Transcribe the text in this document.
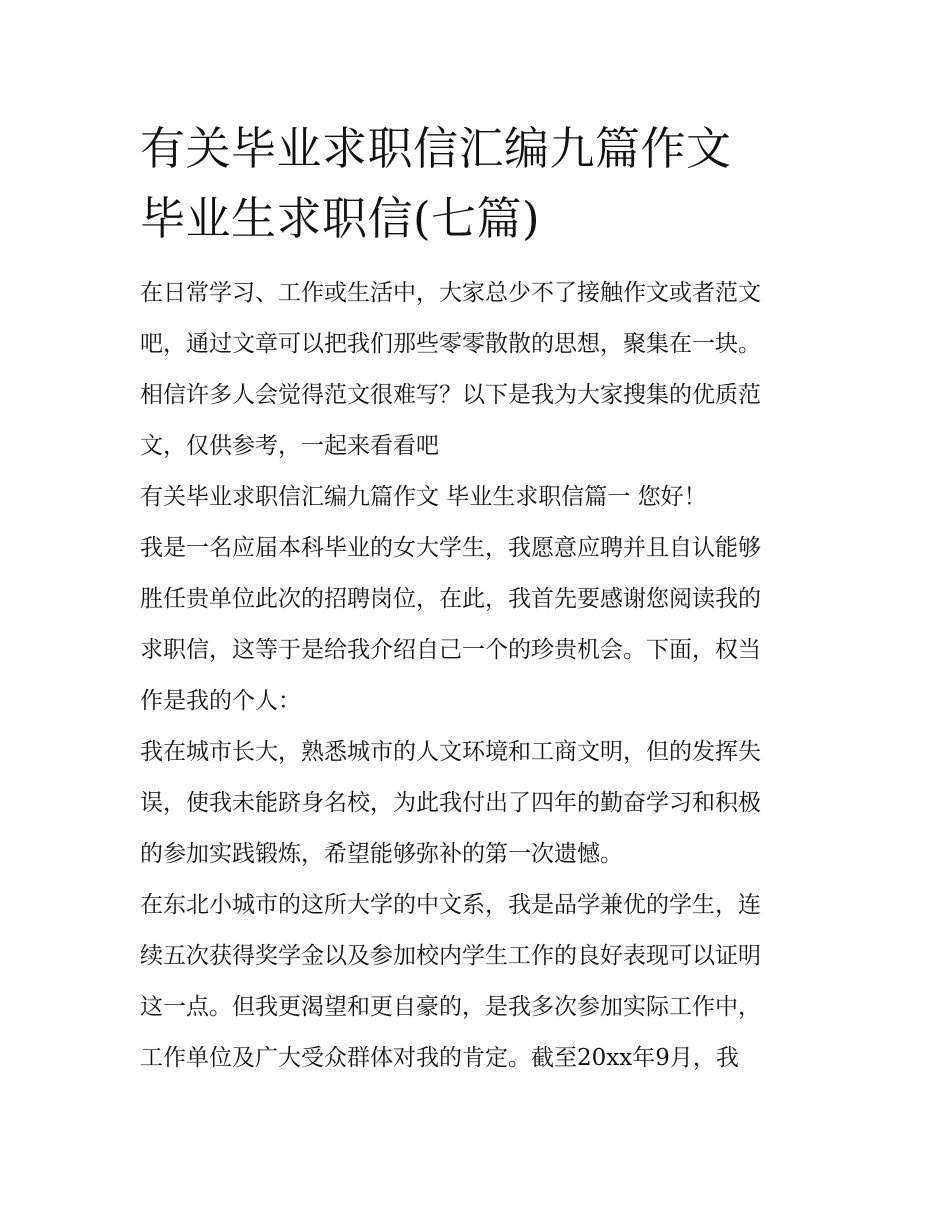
有关毕业求职信汇编九篇作文
毕业生求职信(七篇)
在日常学习、工作或生活中，大家总少不了接触作文或者范文
吧，通过文章可以把我们那些零零散散的思想，聚集在一块。
相信许多人会觉得范文很难写？以下是我为大家搜集的优质范
文，仅供参考，一起来看看吧
有关毕业求职信汇编九篇作文 毕业生求职信篇一 您好！
我是一名应届本科毕业的女大学生，我愿意应聘并且自认能够
胜任贵单位此次的招聘岗位，在此，我首先要感谢您阅读我的
求职信，这等于是给我介绍自己一个的珍贵机会。下面，权当
作是我的个人：
我在城市长大，熟悉城市的人文环境和工商文明，但的发挥失
误，使我未能跻身名校，为此我付出了四年的勤奋学习和积极
的参加实践锻炼，希望能够弥补的第一次遗憾。
在东北小城市的这所大学的中文系，我是品学兼优的学生，连
续五次获得奖学金以及参加校内学生工作的良好表现可以证明
这一点。但我更渴望和更自豪的，是我多次参加实际工作中，
工作单位及广大受众群体对我的肯定。截至20xx年9月，我
